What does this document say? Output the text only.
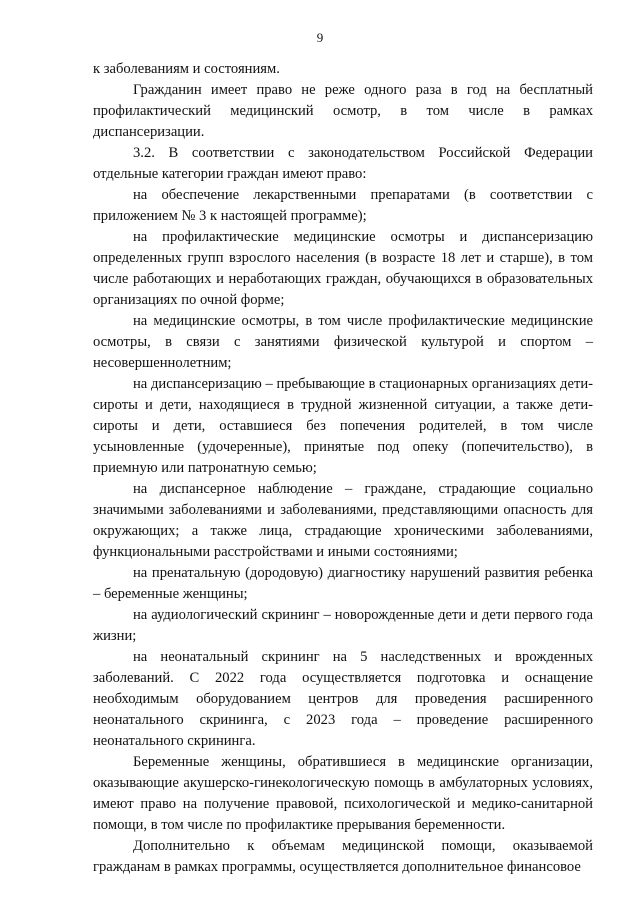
9

к заболеваниям и состояниям.

Гражданин имеет право не реже одного раза в год на бесплатный профилактический медицинский осмотр, в том числе в рамках диспансеризации.

3.2. В соответствии с законодательством Российской Федерации отдельные категории граждан имеют право:

на обеспечение лекарственными препаратами (в соответствии с приложением № 3 к настоящей программе);

на профилактические медицинские осмотры и диспансеризацию определенных групп взрослого населения (в возрасте 18 лет и старше), в том числе работающих и неработающих граждан, обучающихся в образовательных организациях по очной форме;

на медицинские осмотры, в том числе профилактические медицинские осмотры, в связи с занятиями физической культурой и спортом – несовершеннолетним;

на диспансеризацию – пребывающие в стационарных организациях дети-сироты и дети, находящиеся в трудной жизненной ситуации, а также дети-сироты и дети, оставшиеся без попечения родителей, в том числе усыновленные (удочеренные), принятые под опеку (попечительство), в приемную или патронатную семью;

на диспансерное наблюдение – граждане, страдающие социально значимыми заболеваниями и заболеваниями, представляющими опасность для окружающих; а также лица, страдающие хроническими заболеваниями, функциональными расстройствами и иными состояниями;

на пренатальную (дородовую) диагностику нарушений развития ребенка – беременные женщины;

на аудиологический скрининг – новорожденные дети и дети первого года жизни;

на неонатальный скрининг на 5 наследственных и врожденных заболеваний. С 2022 года осуществляется подготовка и оснащение необходимым оборудованием центров для проведения расширенного неонатального скрининга, с 2023 года – проведение расширенного неонатального скрининга.

Беременные женщины, обратившиеся в медицинские организации, оказывающие акушерско-гинекологическую помощь в амбулаторных условиях, имеют право на получение правовой, психологической и медико-санитарной помощи, в том числе по профилактике прерывания беременности.

Дополнительно к объемам медицинской помощи, оказываемой гражданам в рамках программы, осуществляется дополнительное финансовое
